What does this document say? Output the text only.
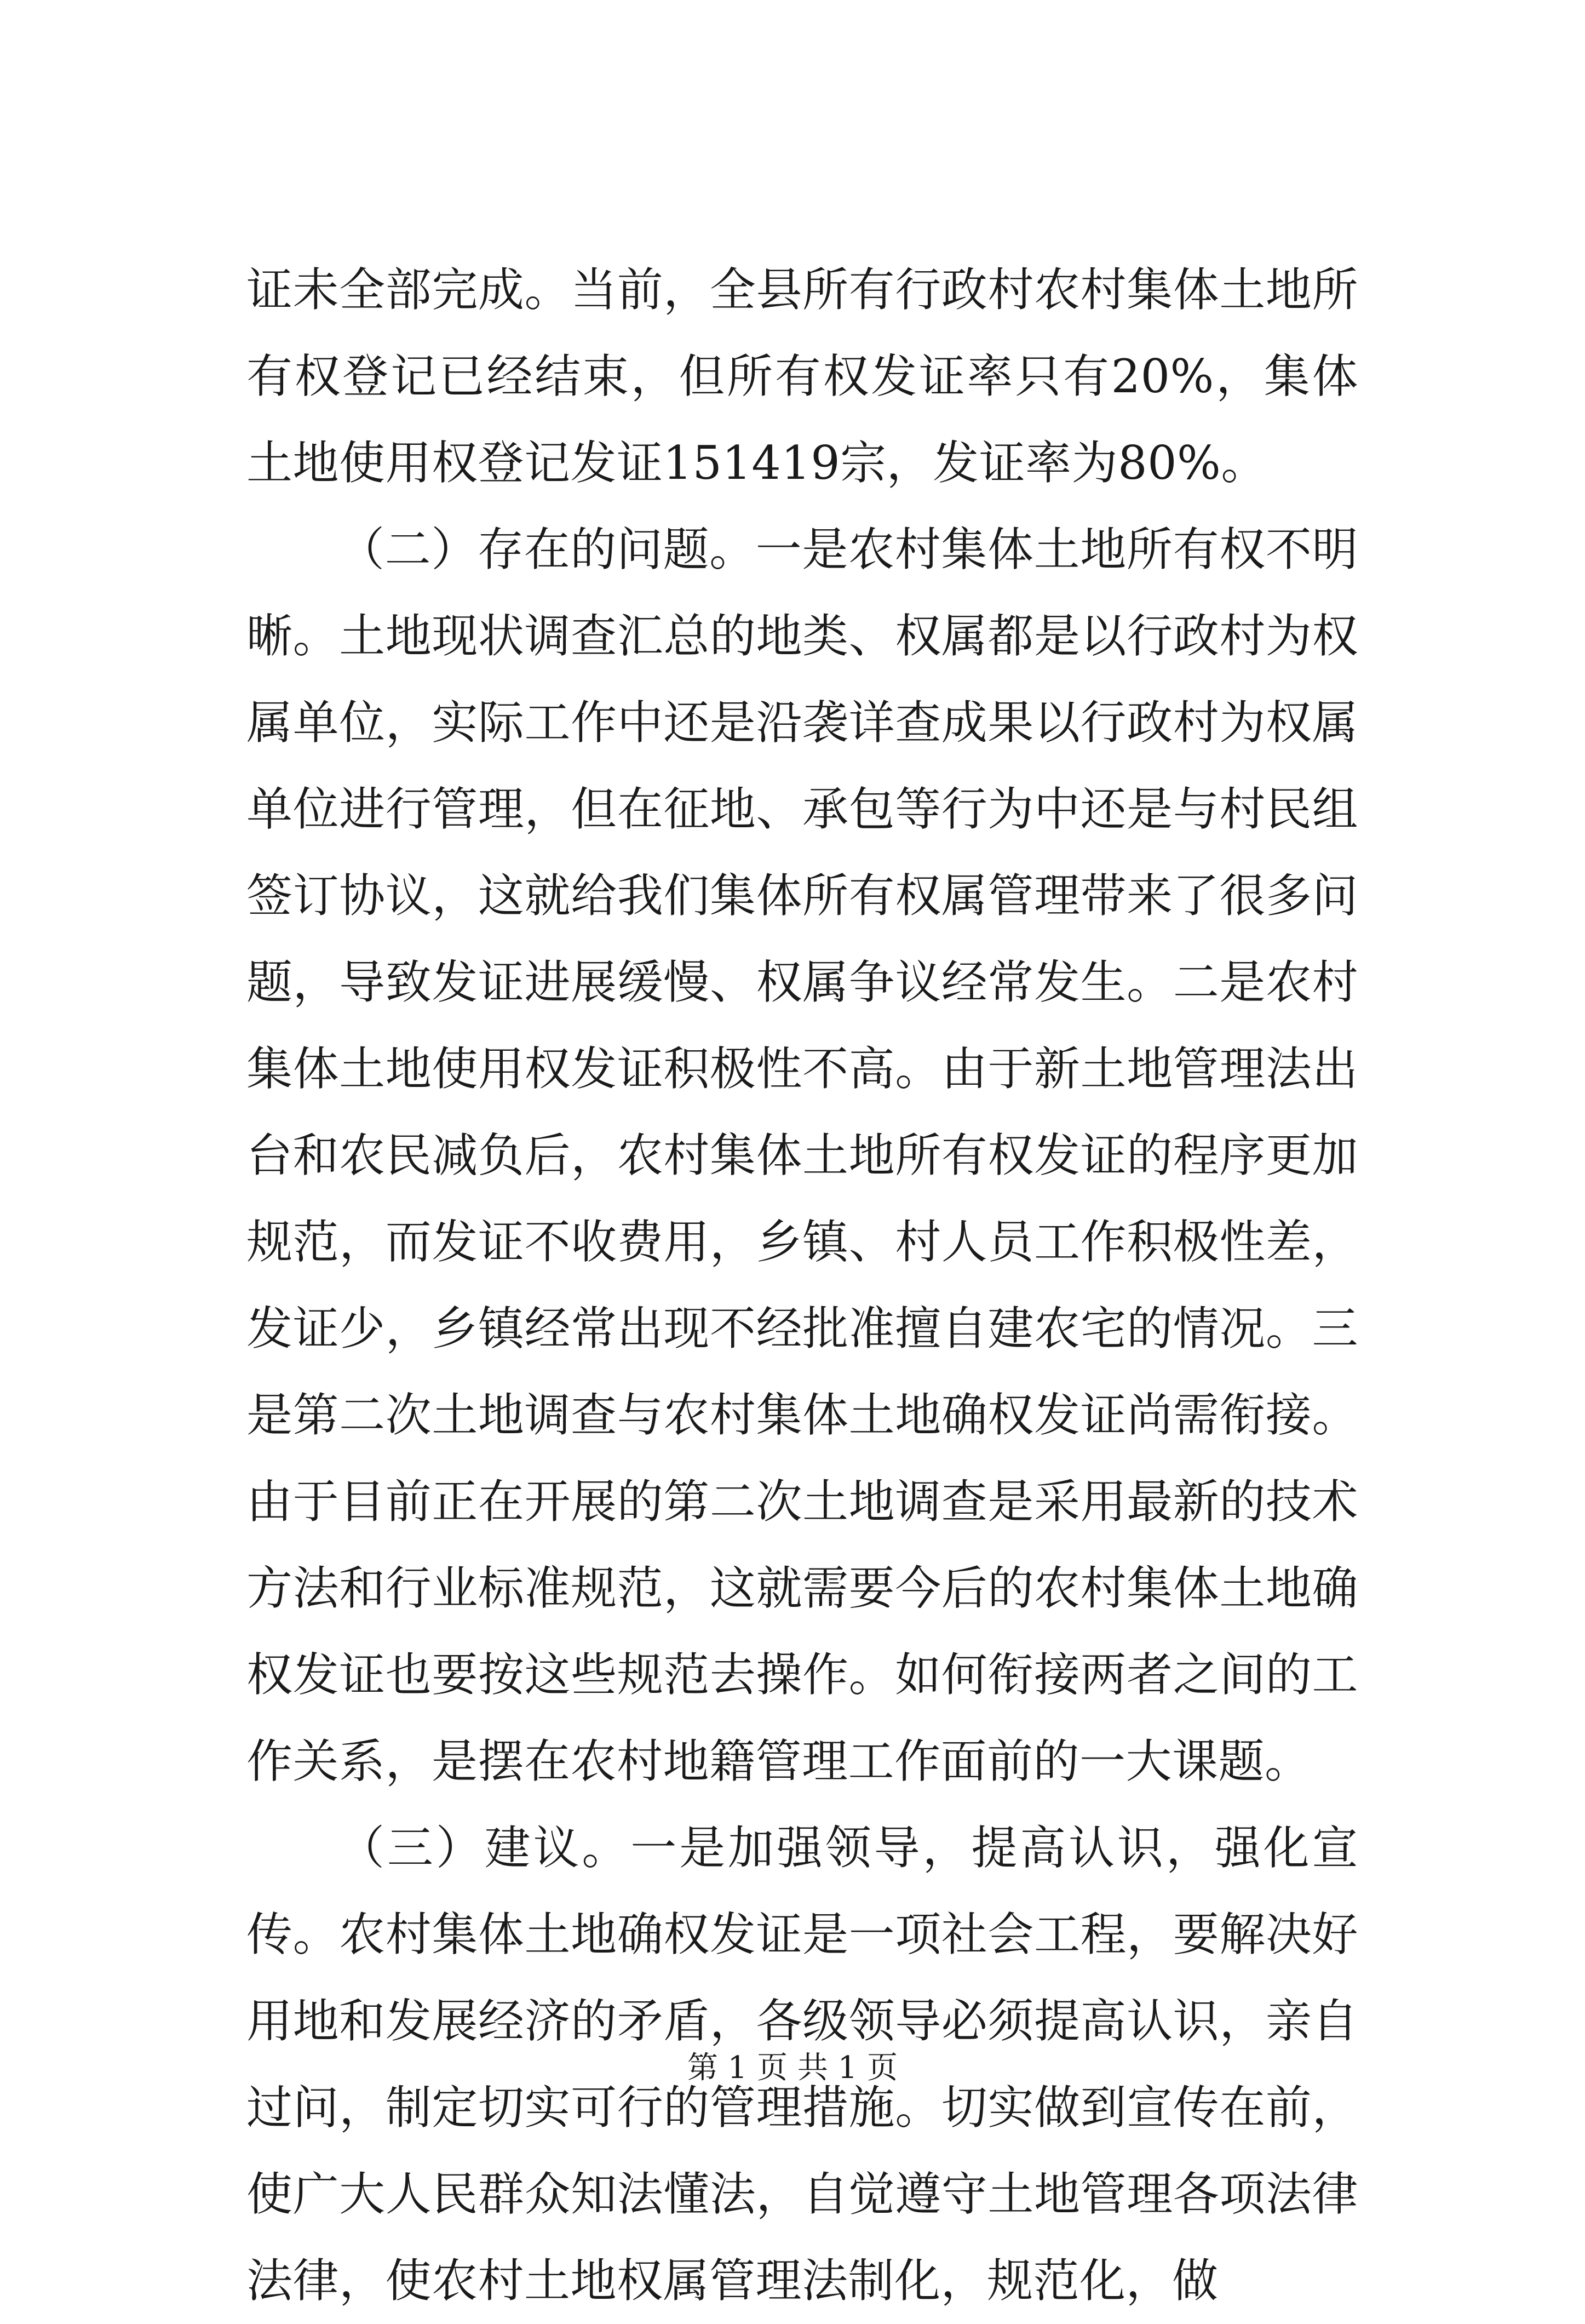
证未全部完成。当前，全县所有行政村农村集体土地所有权登记已经结束，但所有权发证率只有20%，集体土地使用权登记发证151419宗，发证率为80%。

（二）存在的问题。一是农村集体土地所有权不明晰。土地现状调查汇总的地类、权属都是以行政村为权属单位，实际工作中还是沿袭详查成果以行政村为权属单位进行管理，但在征地、承包等行为中还是与村民组签订协议，这就给我们集体所有权属管理带来了很多问题，导致发证进展缓慢、权属争议经常发生。二是农村集体土地使用权发证积极性不高。由于新土地管理法出台和农民减负后，农村集体土地所有权发证的程序更加规范，而发证不收费用，乡镇、村人员工作积极性差，发证少，乡镇经常出现不经批准擅自建农宅的情况。三是第二次土地调查与农村集体土地确权发证尚需衔接。由于目前正在开展的第二次土地调查是采用最新的技术方法和行业标准规范，这就需要今后的农村集体土地确权发证也要按这些规范去操作。如何衔接两者之间的工作关系，是摆在农村地籍管理工作面前的一大课题。

（三）建议。一是加强领导，提高认识，强化宣传。农村集体土地确权发证是一项社会工程，要解决好用地和发展经济的矛盾，各级领导必须提高认识，亲自过问，制定切实可行的管理措施。切实做到宣传在前，使广大人民群众知法懂法，自觉遵守土地管理各项法律法律，使农村土地权属管理法制化，规范化，做

第 1 页 共 1 页
